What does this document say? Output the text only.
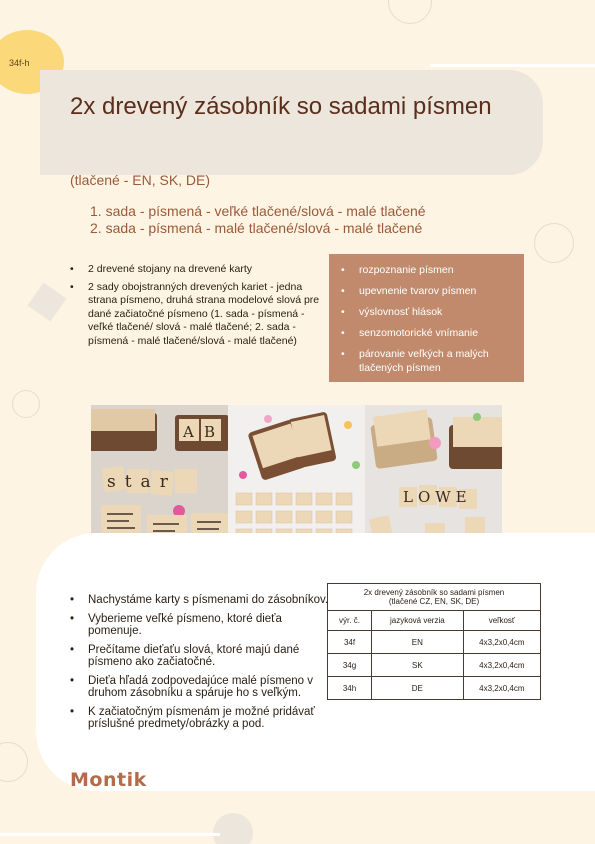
34f-h
2x drevený zásobník so sadami písmen
(tlačené - EN, SK, DE)
1. sada - písmená - veľké tlačené/slová - malé tlačené
2. sada - písmená - malé tlačené/slová - malé tlačené
• 2 drevené stojany na drevené karty
• 2 sady obojstranných drevených kariet - jedna strana písmeno, druhá strana modelové slová pre dané začiatočné písmeno (1. sada - písmená - veľké tlačené/ slová - malé tlačené; 2. sada - písmená - malé tlačené/slová - malé tlačené)
• rozpoznanie písmen
• upevnenie tvarov písmen
• výslovnosť hlások
• senzomotorické vnímanie
• párovanie veľkých a malých tlačených písmen
A B
star
LOWE
• Nachystáme karty s písmenami do zásobníkov.
• Vyberieme veľké písmeno, ktoré dieťa pomenuje.
• Prečítame dieťaťu slová, ktoré majú dané písmeno ako začiatočné.
• Dieťa hľadá zodpovedajúce malé písmeno v druhom zásobníku a spáruje ho s veľkým.
• K začiatočným písmenám je možné pridávať príslušné predmety/obrázky a pod.
2x drevený zásobník so sadami písmen
(tlačené CZ, EN, SK, DE)		
výr. č.	jazyková verzia	veľkosť
34f	EN	4x3,2x0,4cm
34g	SK	4x3,2x0,4cm
34h	DE	4x3,2x0,4cm
Montik
